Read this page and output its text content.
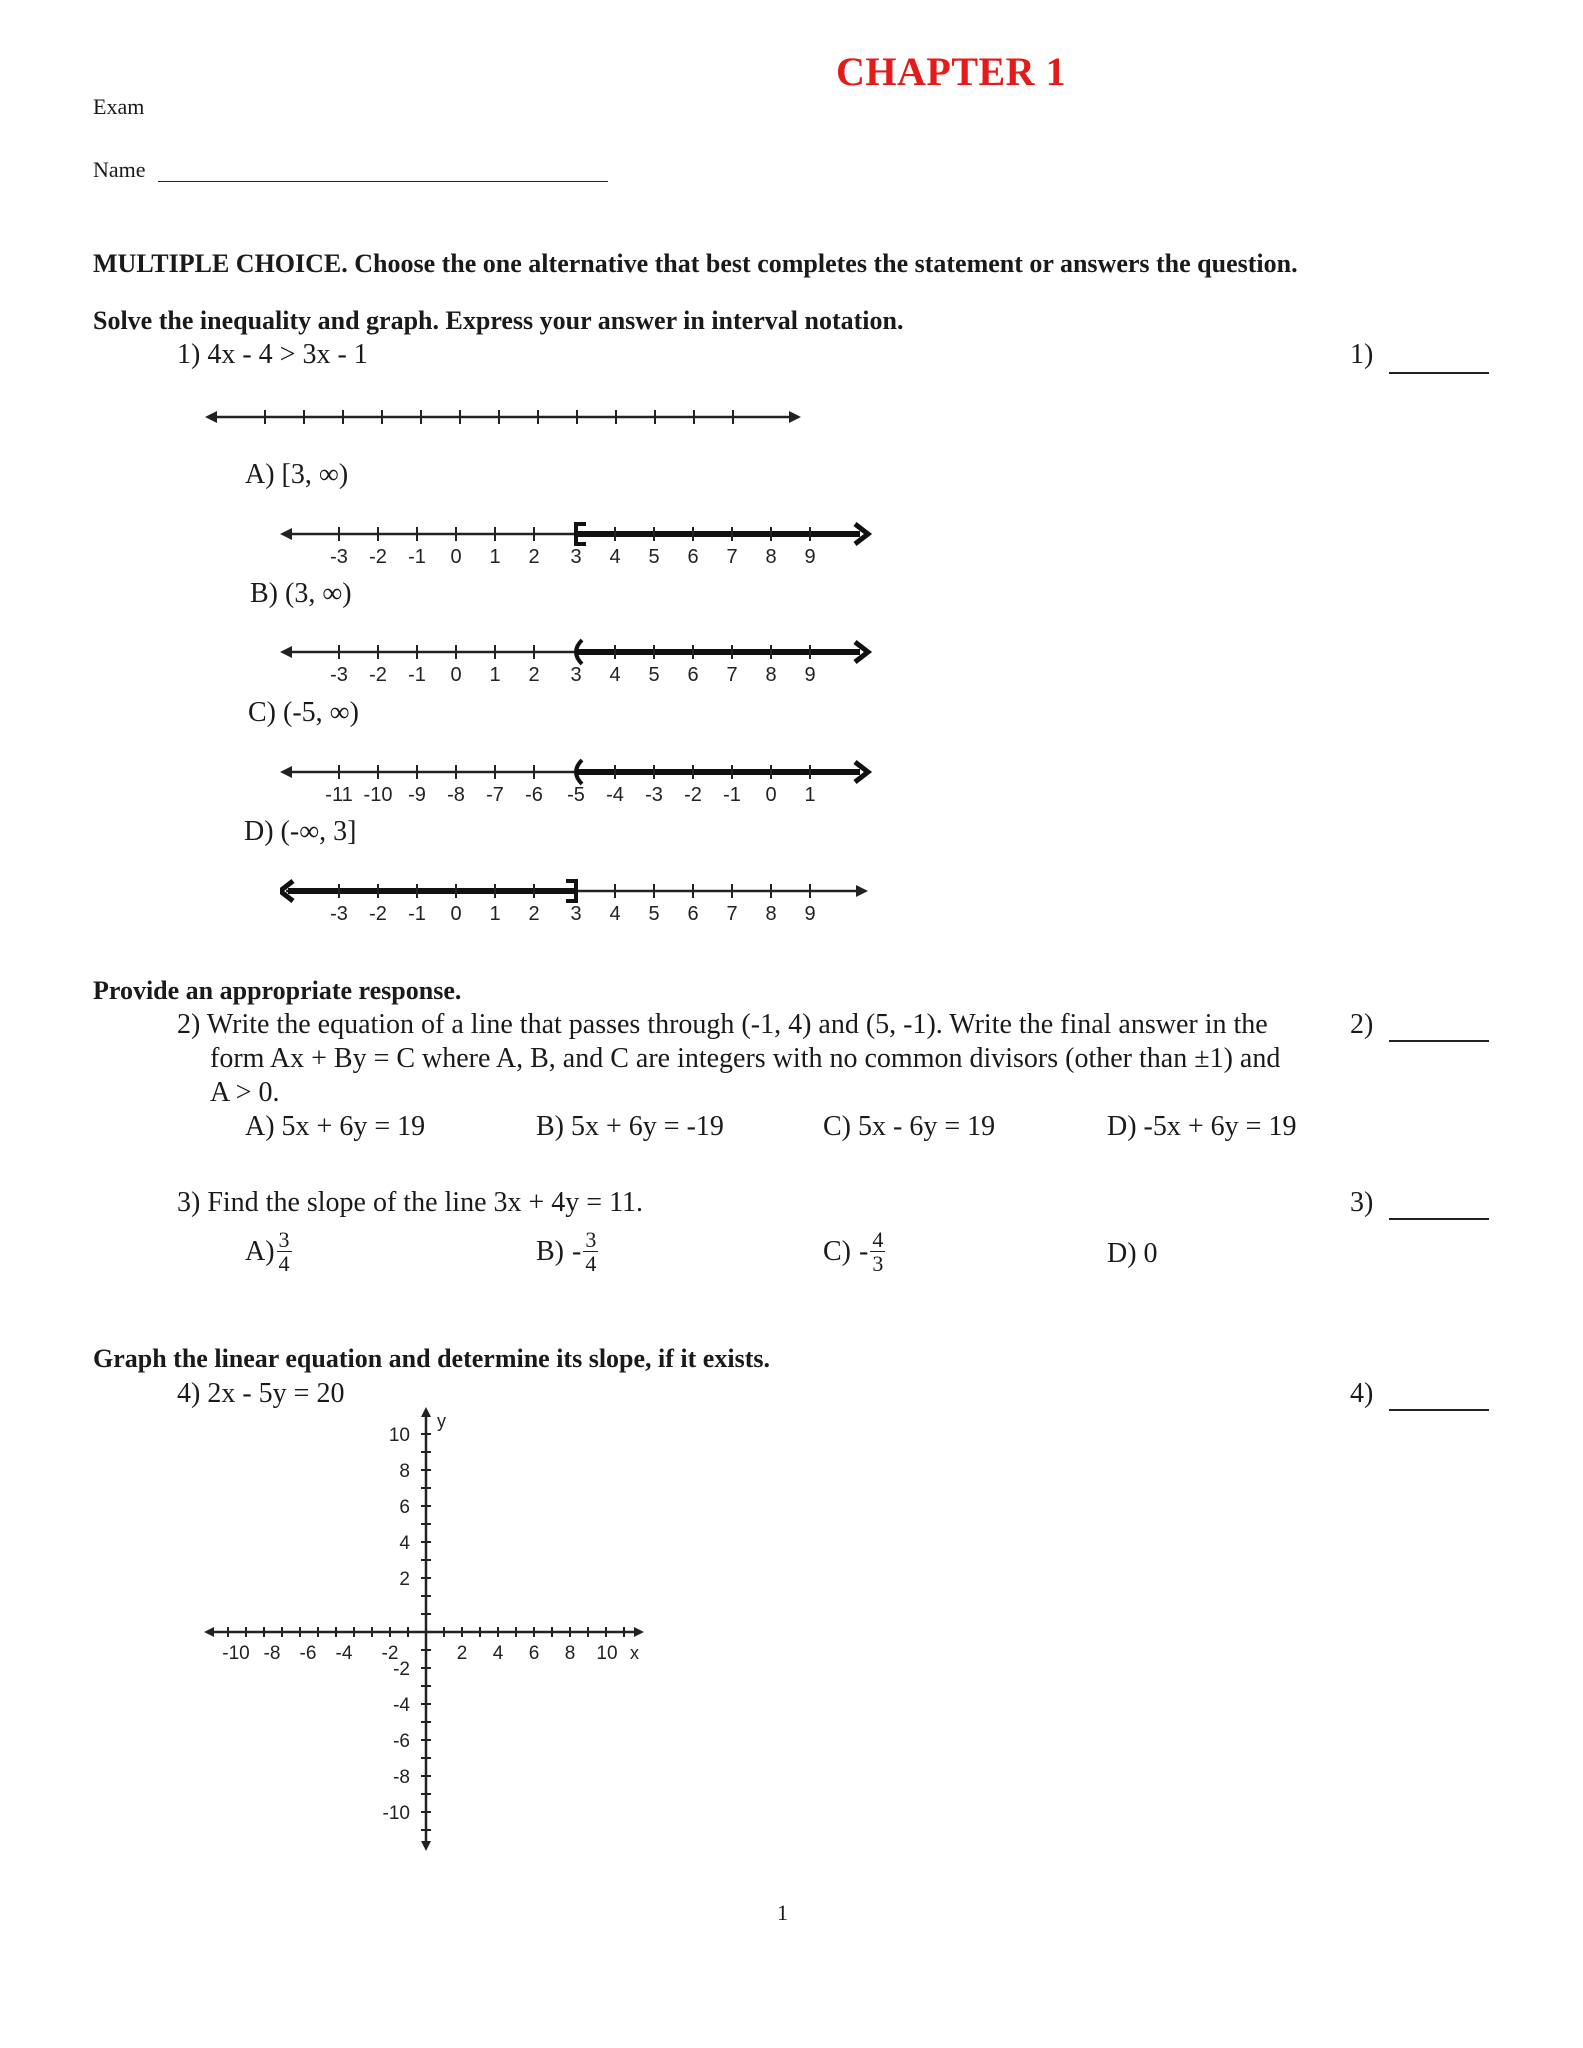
CHAPTER 1
Exam
Name
MULTIPLE CHOICE. Choose the one alternative that best completes the statement or answers the question.
Solve the inequality and graph. Express your answer in interval notation.
1) 4x - 4 > 3x - 1	1)
A) [3, ∞)
-3 -2 -1 0 1 2 3 4 5 6 7 8 9
B) (3, ∞)
-3 -2 -1 0 1 2 3 4 5 6 7 8 9
C) (-5, ∞)
-11 -10 -9 -8 -7 -6 -5 -4 -3 -2 -1 0 1
D) (-∞, 3]
-3 -2 -1 0 1 2 3 4 5 6 7 8 9
Provide an appropriate response.
2) Write the equation of a line that passes through (-1, 4) and (5, -1). Write the final answer in the
form Ax + By = C where A, B, and C are integers with no common divisors (other than ±1) and
A > 0.
2)
A) 5x + 6y = 19	B) 5x + 6y = -19	C) 5x - 6y = 19	D) -5x + 6y = 19
3) Find the slope of the line 3x + 4y = 11.	3)
$A) \frac{3}{4}$	$B) - \frac{3}{4}$	$C) - \frac{4}{3}$	D) 0
Graph the linear equation and determine its slope, if it exists.
4) 2x - 5y = 20	4)
-10 -8 -6 -4 -2	2 4 6 8 10 x
y
10
8
6
4
2
-2
-4
-6
-8
-10
1
